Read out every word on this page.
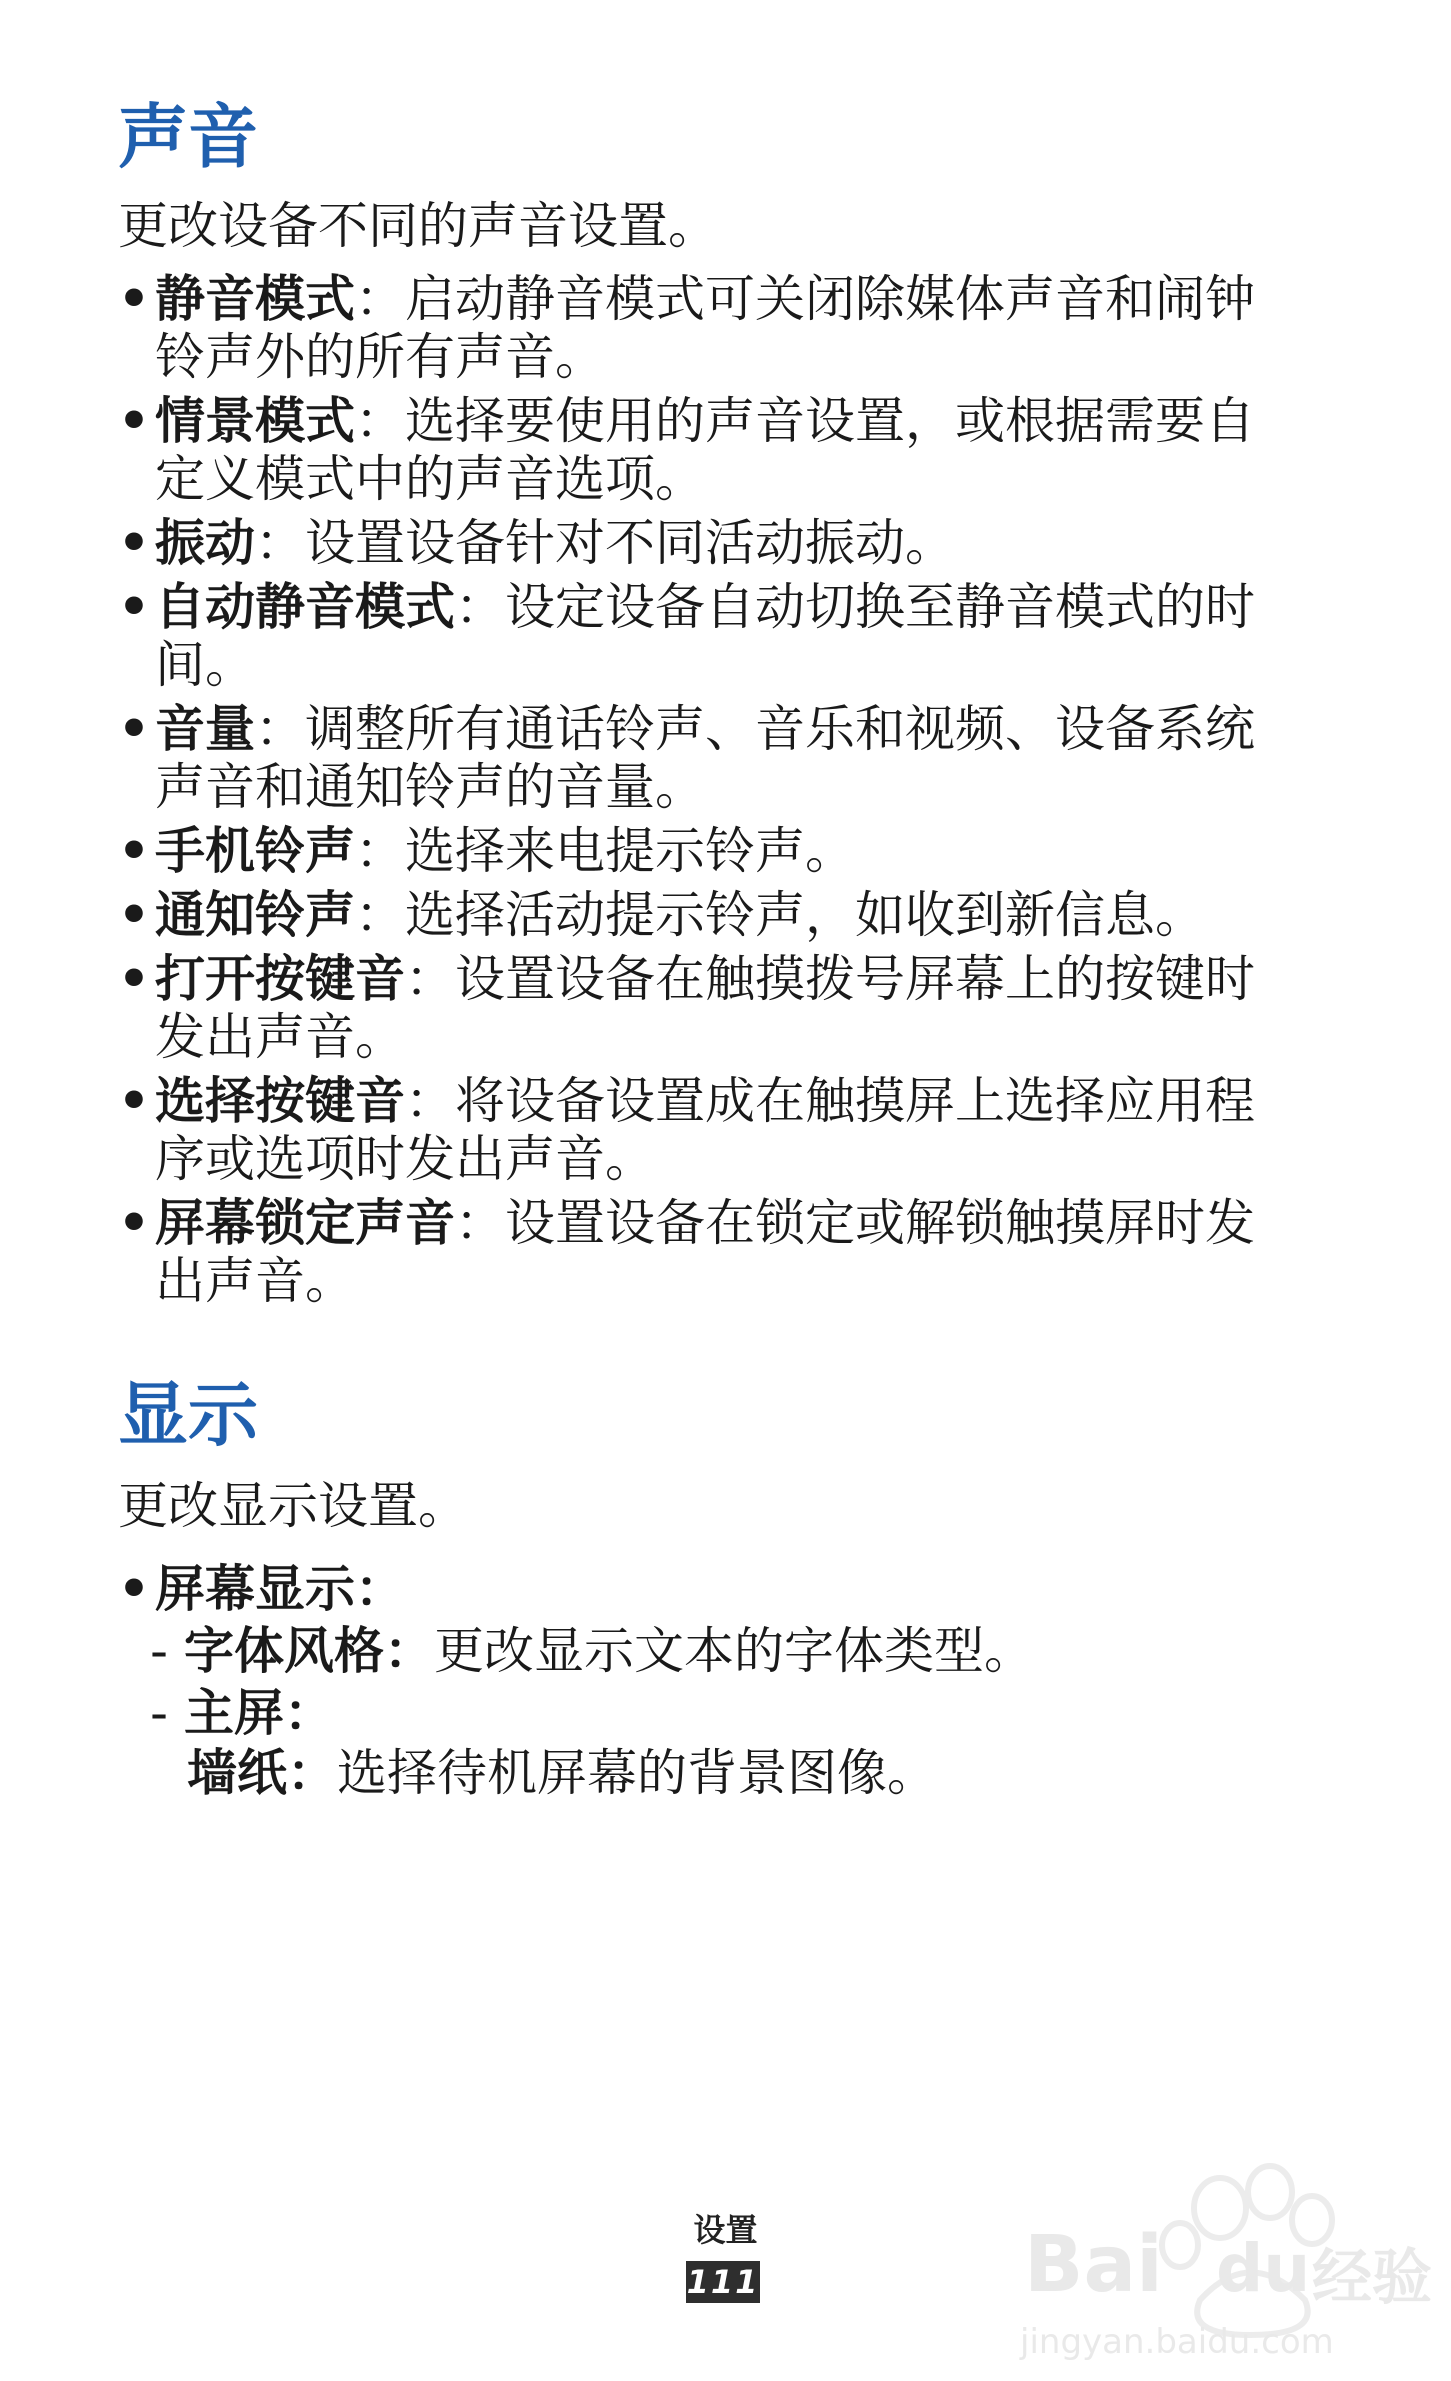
声音

更改设备不同的声音设置。

• 静音模式：启动静音模式可关闭除媒体声音和闹钟
铃声外的所有声音。
• 情景模式：选择要使用的声音设置，或根据需要自
定义模式中的声音选项。
• 振动：设置设备针对不同活动振动。
• 自动静音模式：设定设备自动切换至静音模式的时
间。
• 音量：调整所有通话铃声、音乐和视频、设备系统
声音和通知铃声的音量。
• 手机铃声：选择来电提示铃声。
• 通知铃声：选择活动提示铃声，如收到新信息。
• 打开按键音：设置设备在触摸拨号屏幕上的按键时
发出声音。
• 选择按键音：将设备设置成在触摸屏上选择应用程
序或选项时发出声音。
• 屏幕锁定声音：设置设备在锁定或解锁触摸屏时发
出声音。
显示

更改显示设置。

• 屏幕显示：
- 字体风格：更改显示文本的字体类型。
- 主屏：
墙纸：选择待机屏幕的背景图像。
设置
111	Bai du 经验
jingyan.baidu.com
